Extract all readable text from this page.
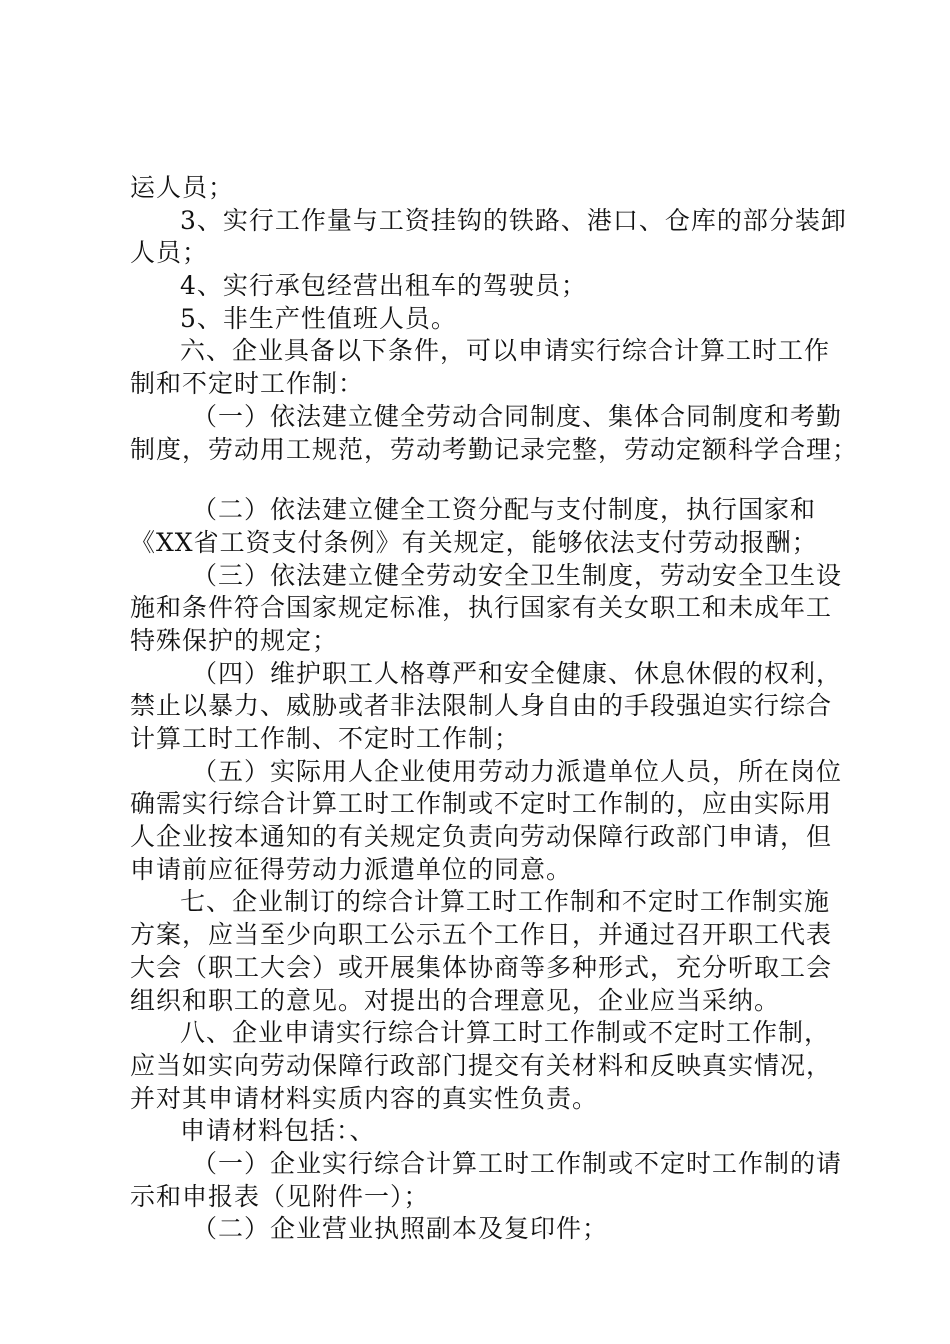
运人员；
3、实行工作量与工资挂钩的铁路、港口、仓库的部分装卸
人员；
4、实行承包经营出租车的驾驶员；
5、非生产性值班人员。
六、企业具备以下条件，可以申请实行综合计算工时工作
制和不定时工作制：
（一）依法建立健全劳动合同制度、集体合同制度和考勤
制度，劳动用工规范，劳动考勤记录完整，劳动定额科学合理；
（二）依法建立健全工资分配与支付制度，执行国家和
《XX省工资支付条例》有关规定，能够依法支付劳动报酬；
（三）依法建立健全劳动安全卫生制度，劳动安全卫生设
施和条件符合国家规定标准，执行国家有关女职工和未成年工
特殊保护的规定；
（四）维护职工人格尊严和安全健康、休息休假的权利，
禁止以暴力、威胁或者非法限制人身自由的手段强迫实行综合
计算工时工作制、不定时工作制；
（五）实际用人企业使用劳动力派遣单位人员，所在岗位
确需实行综合计算工时工作制或不定时工作制的，应由实际用
人企业按本通知的有关规定负责向劳动保障行政部门申请，但
申请前应征得劳动力派遣单位的同意。
七、企业制订的综合计算工时工作制和不定时工作制实施
方案，应当至少向职工公示五个工作日，并通过召开职工代表
大会（职工大会）或开展集体协商等多种形式，充分听取工会
组织和职工的意见。对提出的合理意见，企业应当采纳。
八、企业申请实行综合计算工时工作制或不定时工作制，
应当如实向劳动保障行政部门提交有关材料和反映真实情况，
并对其申请材料实质内容的真实性负责。
申请材料包括：、
（一）企业实行综合计算工时工作制或不定时工作制的请
示和申报表（见附件一）；
（二）企业营业执照副本及复印件；
